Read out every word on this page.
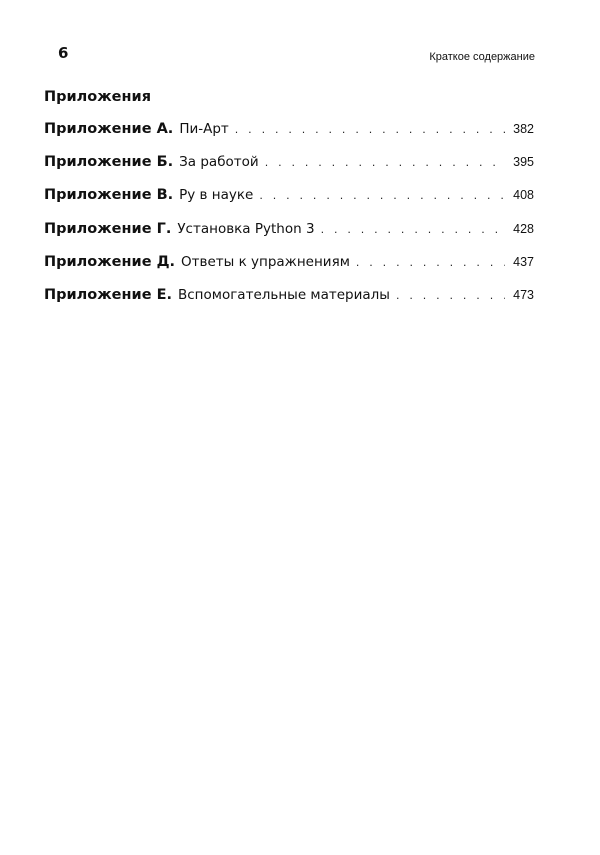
6	Краткое содержание
Приложения
Приложение А. Пи-Арт . . .	382
Приложение Б. За работой . . .	395
Приложение В. Ру в науке . . .	408
Приложение Г. Установка Python 3 . . .	428
Приложение Д. Ответы к упражнениям . . .	437
Приложение Е. Вспомогательные материалы . . .	473
